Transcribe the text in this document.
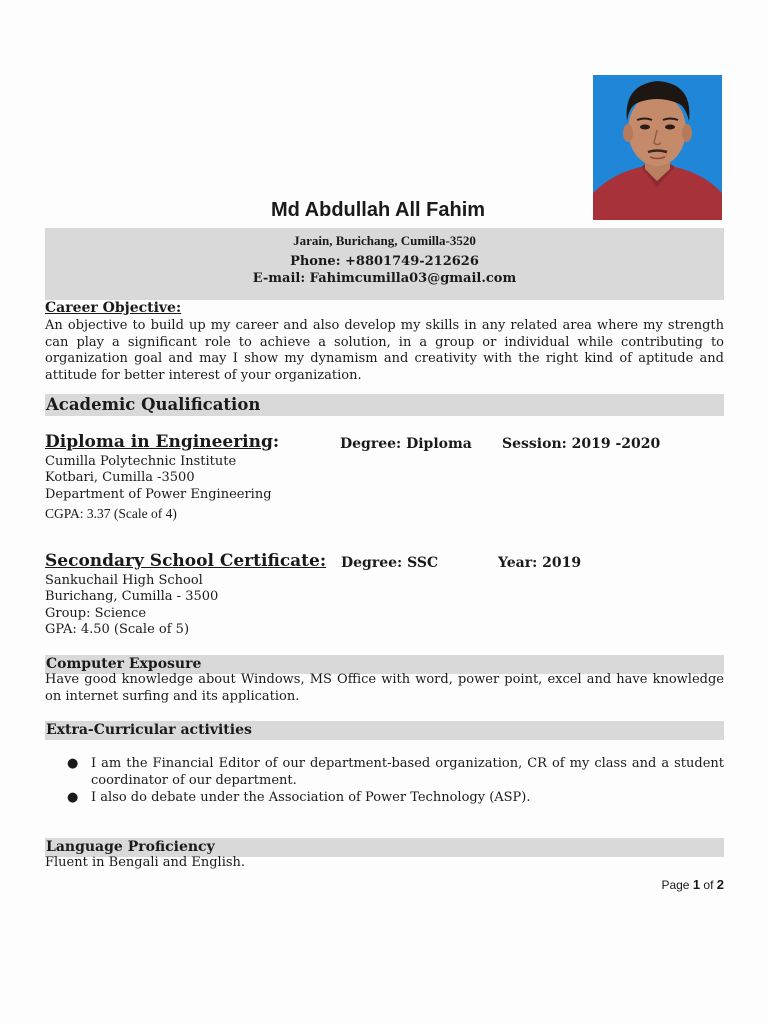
Md Abdullah All Fahim
Jarain, Burichang, Cumilla-3520
Phone: +8801749-212626
E-mail: Fahimcumilla03@gmail.com
Career Objective:
An objective to build up my career and also develop my skills in any related area where my strength can play a significant role to achieve a solution, in a group or individual while contributing to organization goal and may I show my dynamism and creativity with the right kind of aptitude and attitude for better interest of your organization.
Academic Qualification
Diploma in Engineering:	Degree: Diploma Session: 2019 -2020
Cumilla Polytechnic Institute
Kotbari, Cumilla -3500
Department of Power Engineering
CGPA: 3.37 (Scale of 4)
Secondary School Certificate: Degree: SSC	Year: 2019
Sankuchail High School
Burichang, Cumilla - 3500
Group: Science
GPA: 4.50 (Scale of 5)
Computer Exposure
Have good knowledge about Windows, MS Office with word, power point, excel and have knowledge on internet surfing and its application.
Extra-Curricular activities
● I am the Financial Editor of our department-based organization, CR of my class and a student coordinator of our department.
● I also do debate under the Association of Power Technology (ASP).
Language Proficiency
Fluent in Bengali and English.
Page 1 of 2
